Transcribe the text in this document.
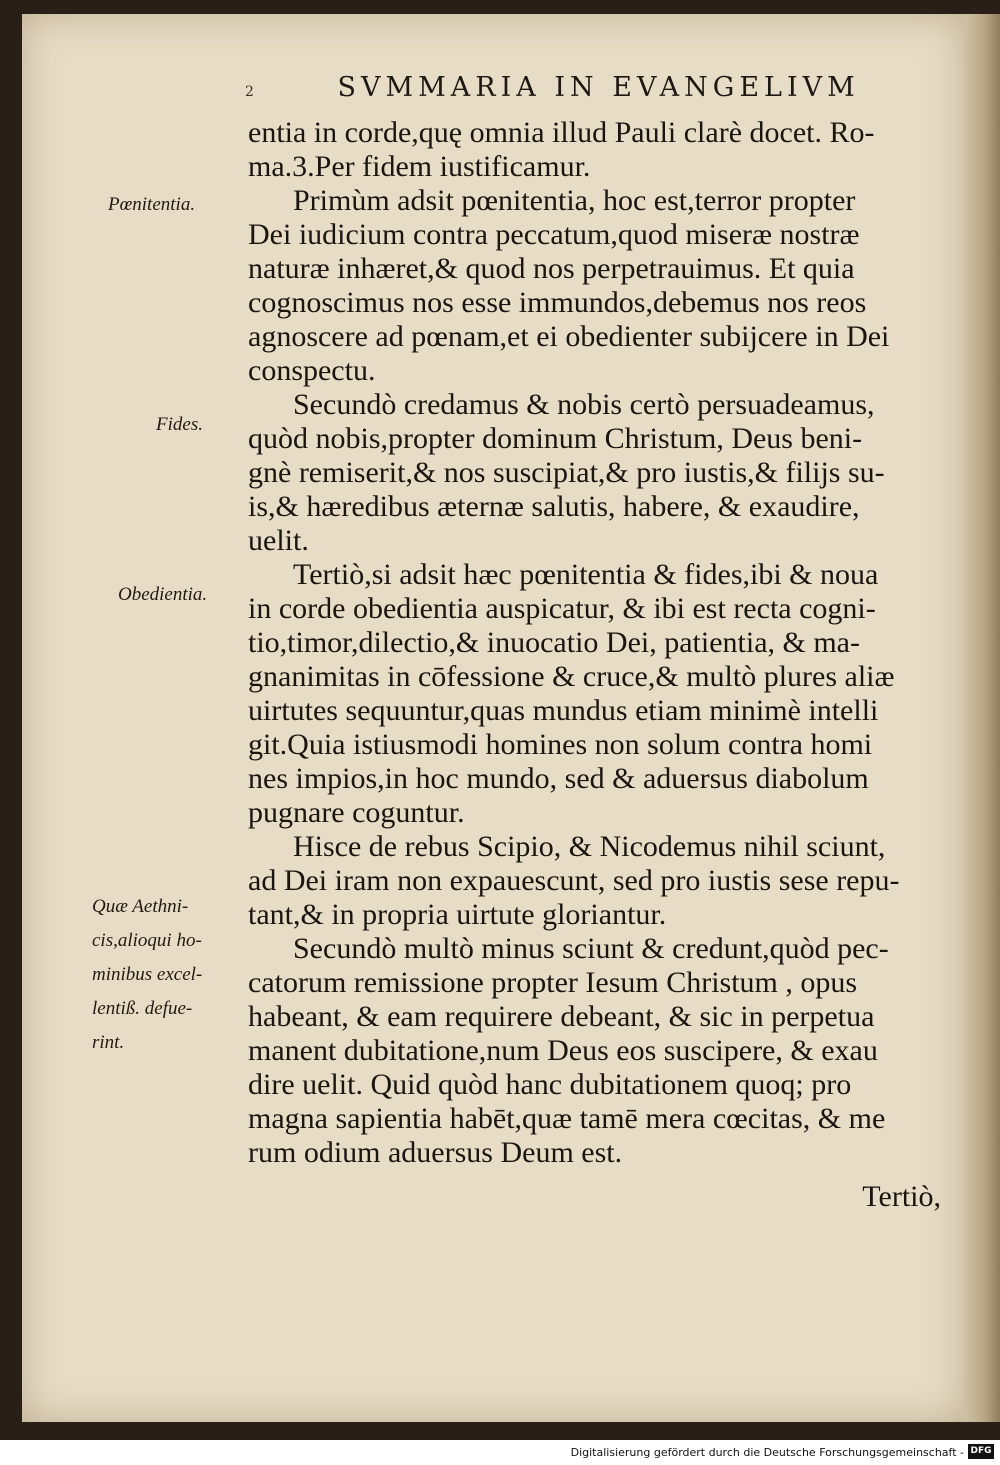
2	SVMMARIA IN EVANGELIVM
Pœnitentia.
Fides.
Obedientia.
Quæ Aethni-
cis,alioqui ho-
minibus excel-
lentiß. defue-
rint.
entia in corde,quę omnia illud Pauli clarè docet. Ro-
ma.3.Per fidem iustificamur.
Primùm adsit pœnitentia, hoc est,terror propter
Dei iudicium contra peccatum,quod miseræ nostræ
naturæ inhæret,& quod nos perpetrauimus. Et quia
cognoscimus nos esse immundos,debemus nos reos
agnoscere ad pœnam,et ei obedienter subijcere in Dei
conspectu.
Secundò credamus & nobis certò persuadeamus,
quòd nobis,propter dominum Christum, Deus beni-
gnè remiserit,& nos suscipiat,& pro iustis,& filijs su-
is,& hæredibus æternæ salutis, habere, & exaudire,
uelit.
Tertiò,si adsit hæc pœnitentia & fides,ibi & noua
in corde obedientia auspicatur, & ibi est recta cogni-
tio,timor,dilectio,& inuocatio Dei, patientia, & ma-
gnanimitas in cōfessione & cruce,& multò plures aliæ
uirtutes sequuntur,quas mundus etiam minimè intelli
git.Quia istiusmodi homines non solum contra homi
nes impios,in hoc mundo, sed & aduersus diabolum
pugnare coguntur.
Hisce de rebus Scipio, & Nicodemus nihil sciunt,
ad Dei iram non expauescunt, sed pro iustis sese repu-
tant,& in propria uirtute gloriantur.
Secundò multò minus sciunt & credunt,quòd pec-
catorum remissione propter Iesum Christum , opus
habeant, & eam requirere debeant, & sic in perpetua
manent dubitatione,num Deus eos suscipere, & exau
dire uelit. Quid quòd hanc dubitationem quoq; pro
magna sapientia habēt,quæ tamē mera cœcitas, & me
rum odium aduersus Deum est.
Tertiò,
Digitalisierung gefördert durch die Deutsche Forschungsgemeinschaft - DFG
